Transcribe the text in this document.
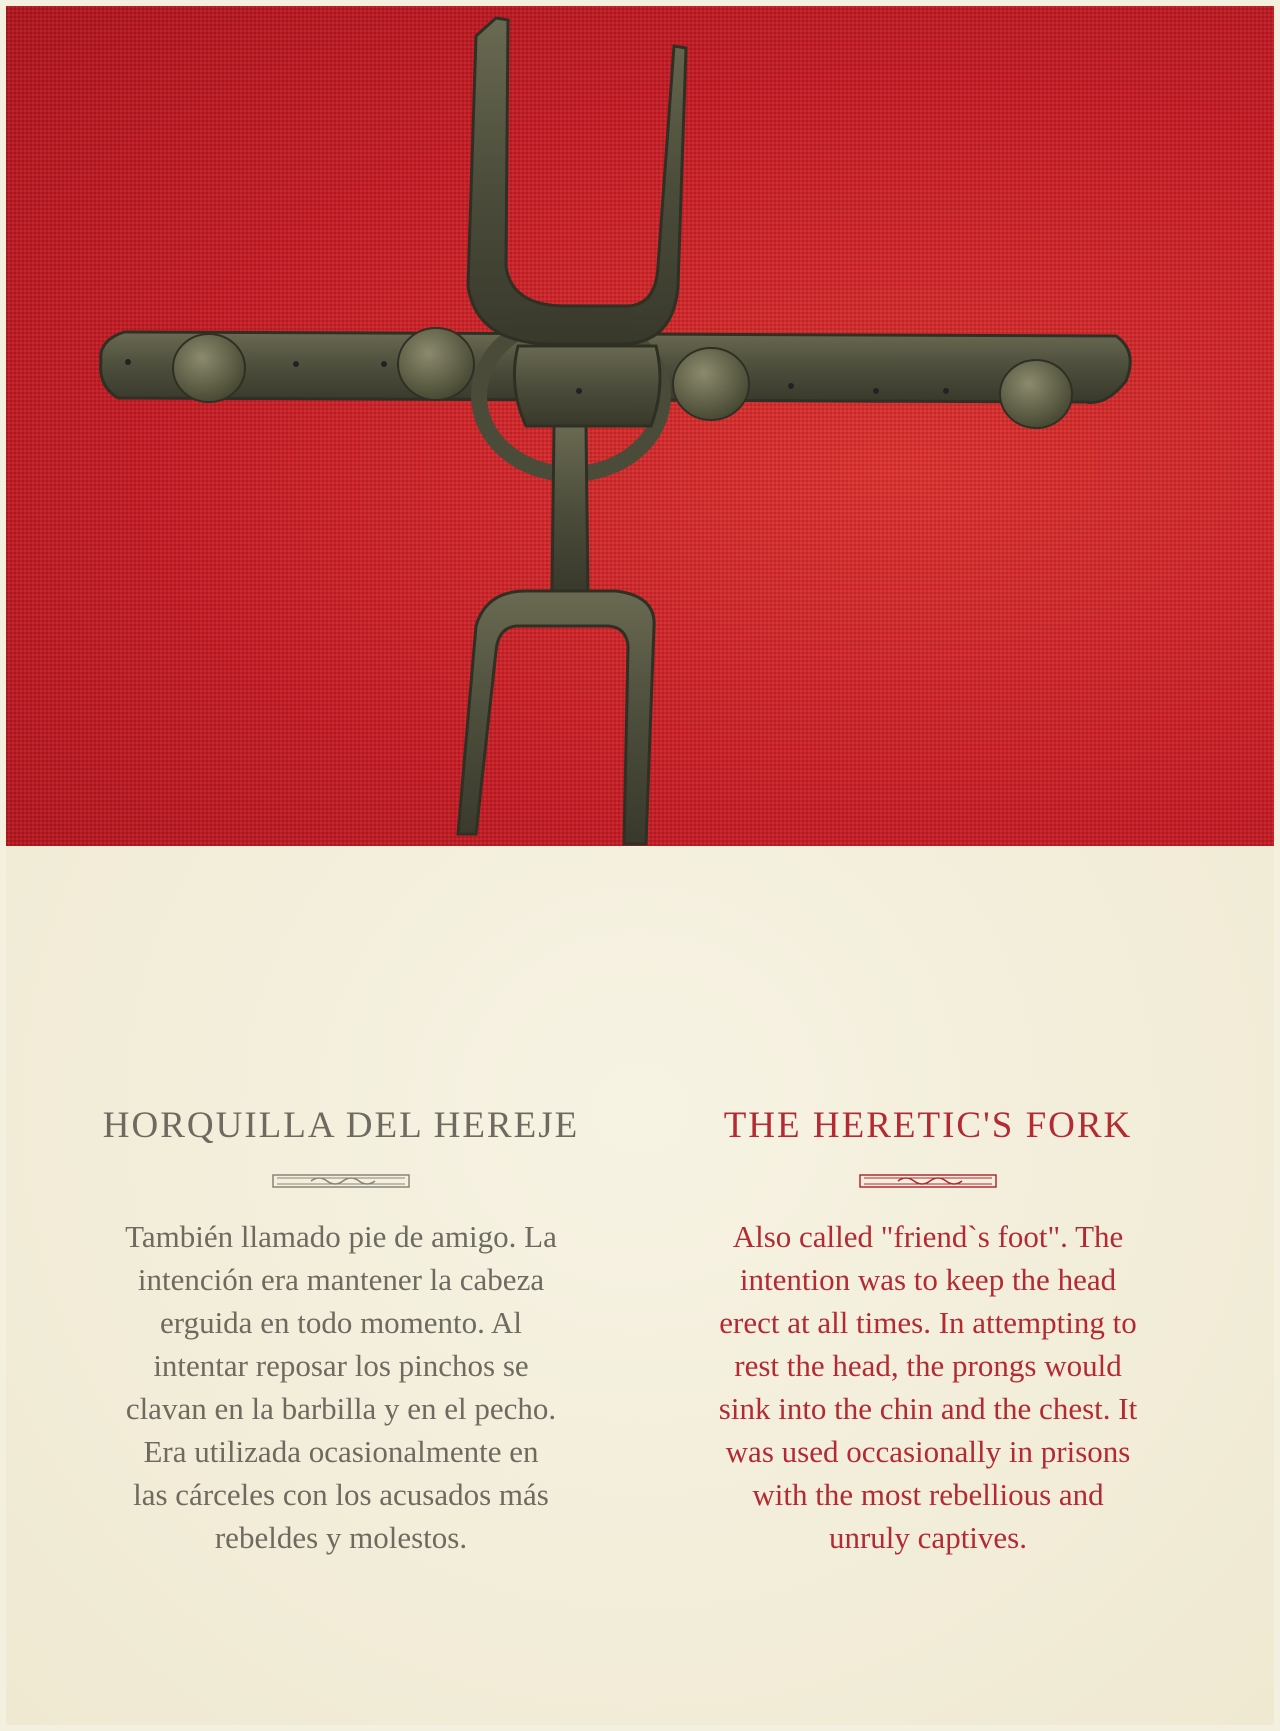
HORQUILLA DEL HEREJE
También llamado pie de amigo. La
intención era mantener la cabeza
erguida en todo momento. Al
intentar reposar los pinchos se
clavan en la barbilla y en el pecho.
Era utilizada ocasionalmente en
las cárceles con los acusados más
rebeldes y molestos.
THE HERETIC'S FORK
Also called "friend`s foot". The
intention was to keep the head
erect at all times. In attempting to
rest the head, the prongs would
sink into the chin and the chest. It
was used occasionally in prisons
with the most rebellious and
unruly captives.
